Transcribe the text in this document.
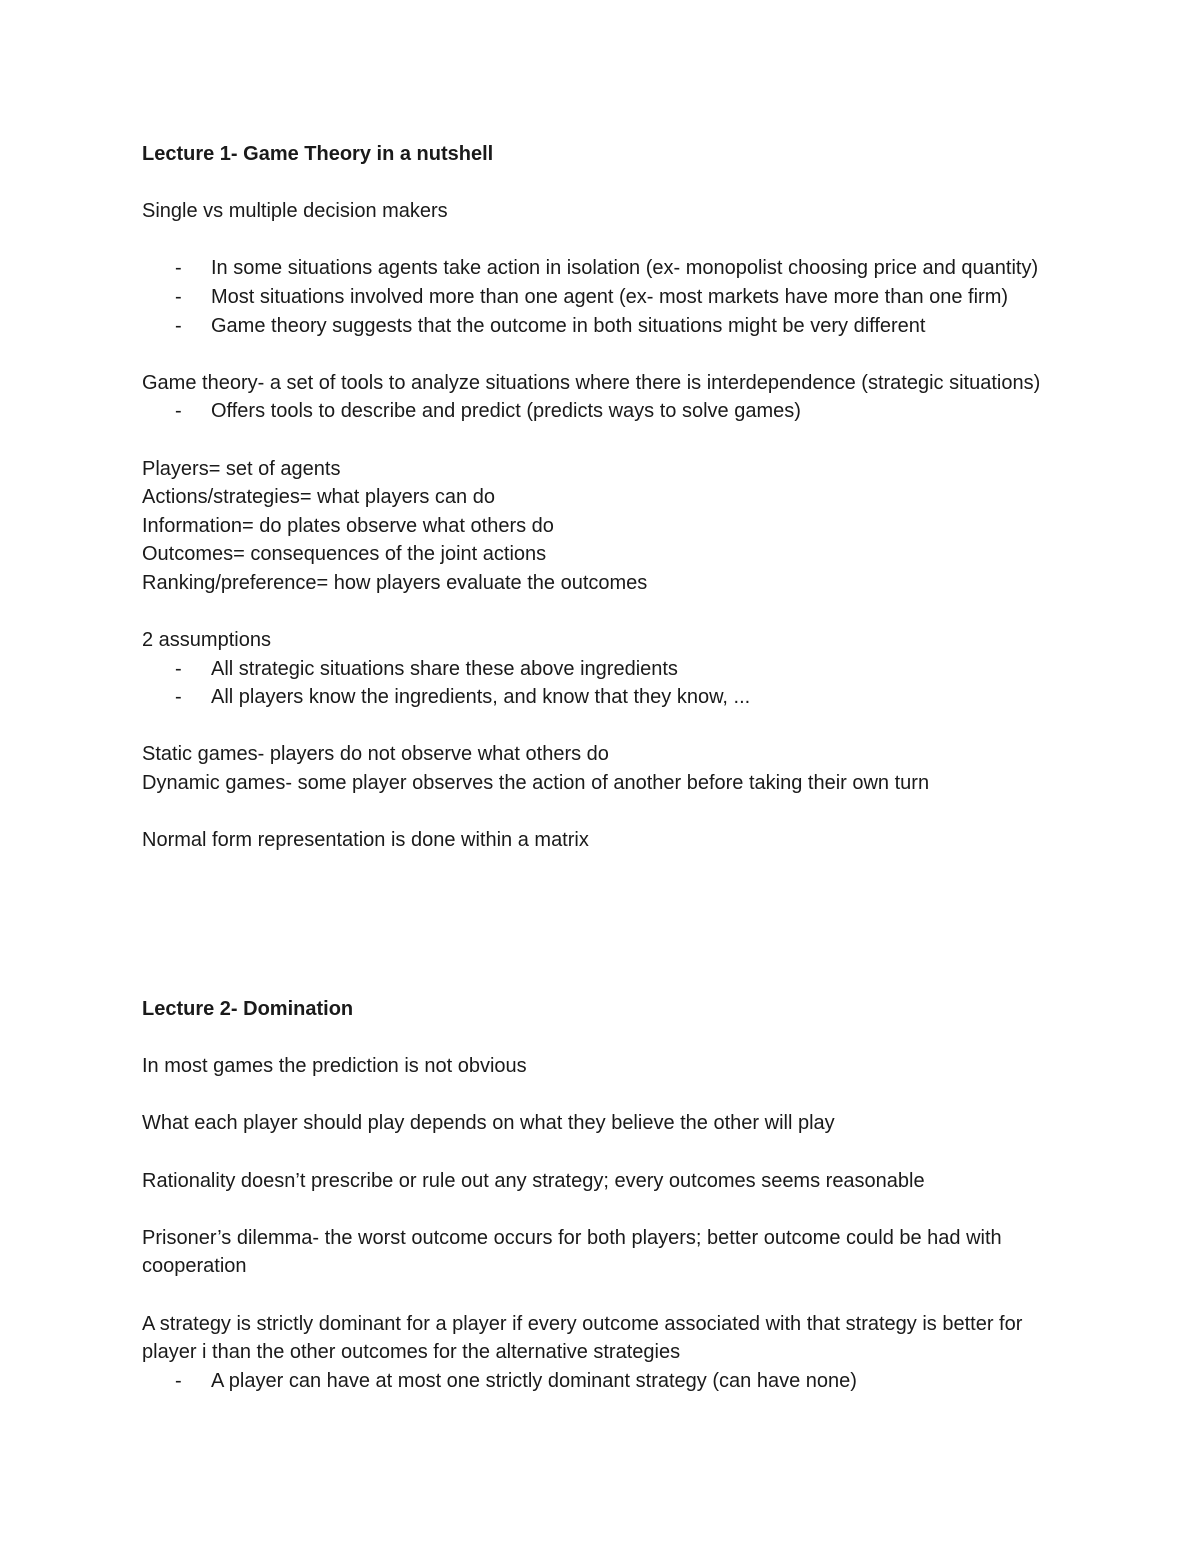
Lecture 1- Game Theory in a nutshell

Single vs multiple decision makers

- In some situations agents take action in isolation (ex- monopolist choosing price and quantity)
- Most situations involved more than one agent (ex- most markets have more than one firm)
- Game theory suggests that the outcome in both situations might be very different

Game theory- a set of tools to analyze situations where there is interdependence (strategic situations)

- Offers tools to describe and predict (predicts ways to solve games)

Players= set of agents

Actions/strategies= what players can do

Information= do plates observe what others do

Outcomes= consequences of the joint actions

Ranking/preference= how players evaluate the outcomes

2 assumptions

- All strategic situations share these above ingredients
- All players know the ingredients, and know that they know, ...

Static games- players do not observe what others do

Dynamic games- some player observes the action of another before taking their own turn

Normal form representation is done within a matrix

Lecture 2- Domination

In most games the prediction is not obvious

What each player should play depends on what they believe the other will play

Rationality doesn’t prescribe or rule out any strategy; every outcomes seems reasonable

Prisoner’s dilemma- the worst outcome occurs for both players; better outcome could be had with cooperation

A strategy is strictly dominant for a player if every outcome associated with that strategy is better for player i than the other outcomes for the alternative strategies

- A player can have at most one strictly dominant strategy (can have none)
